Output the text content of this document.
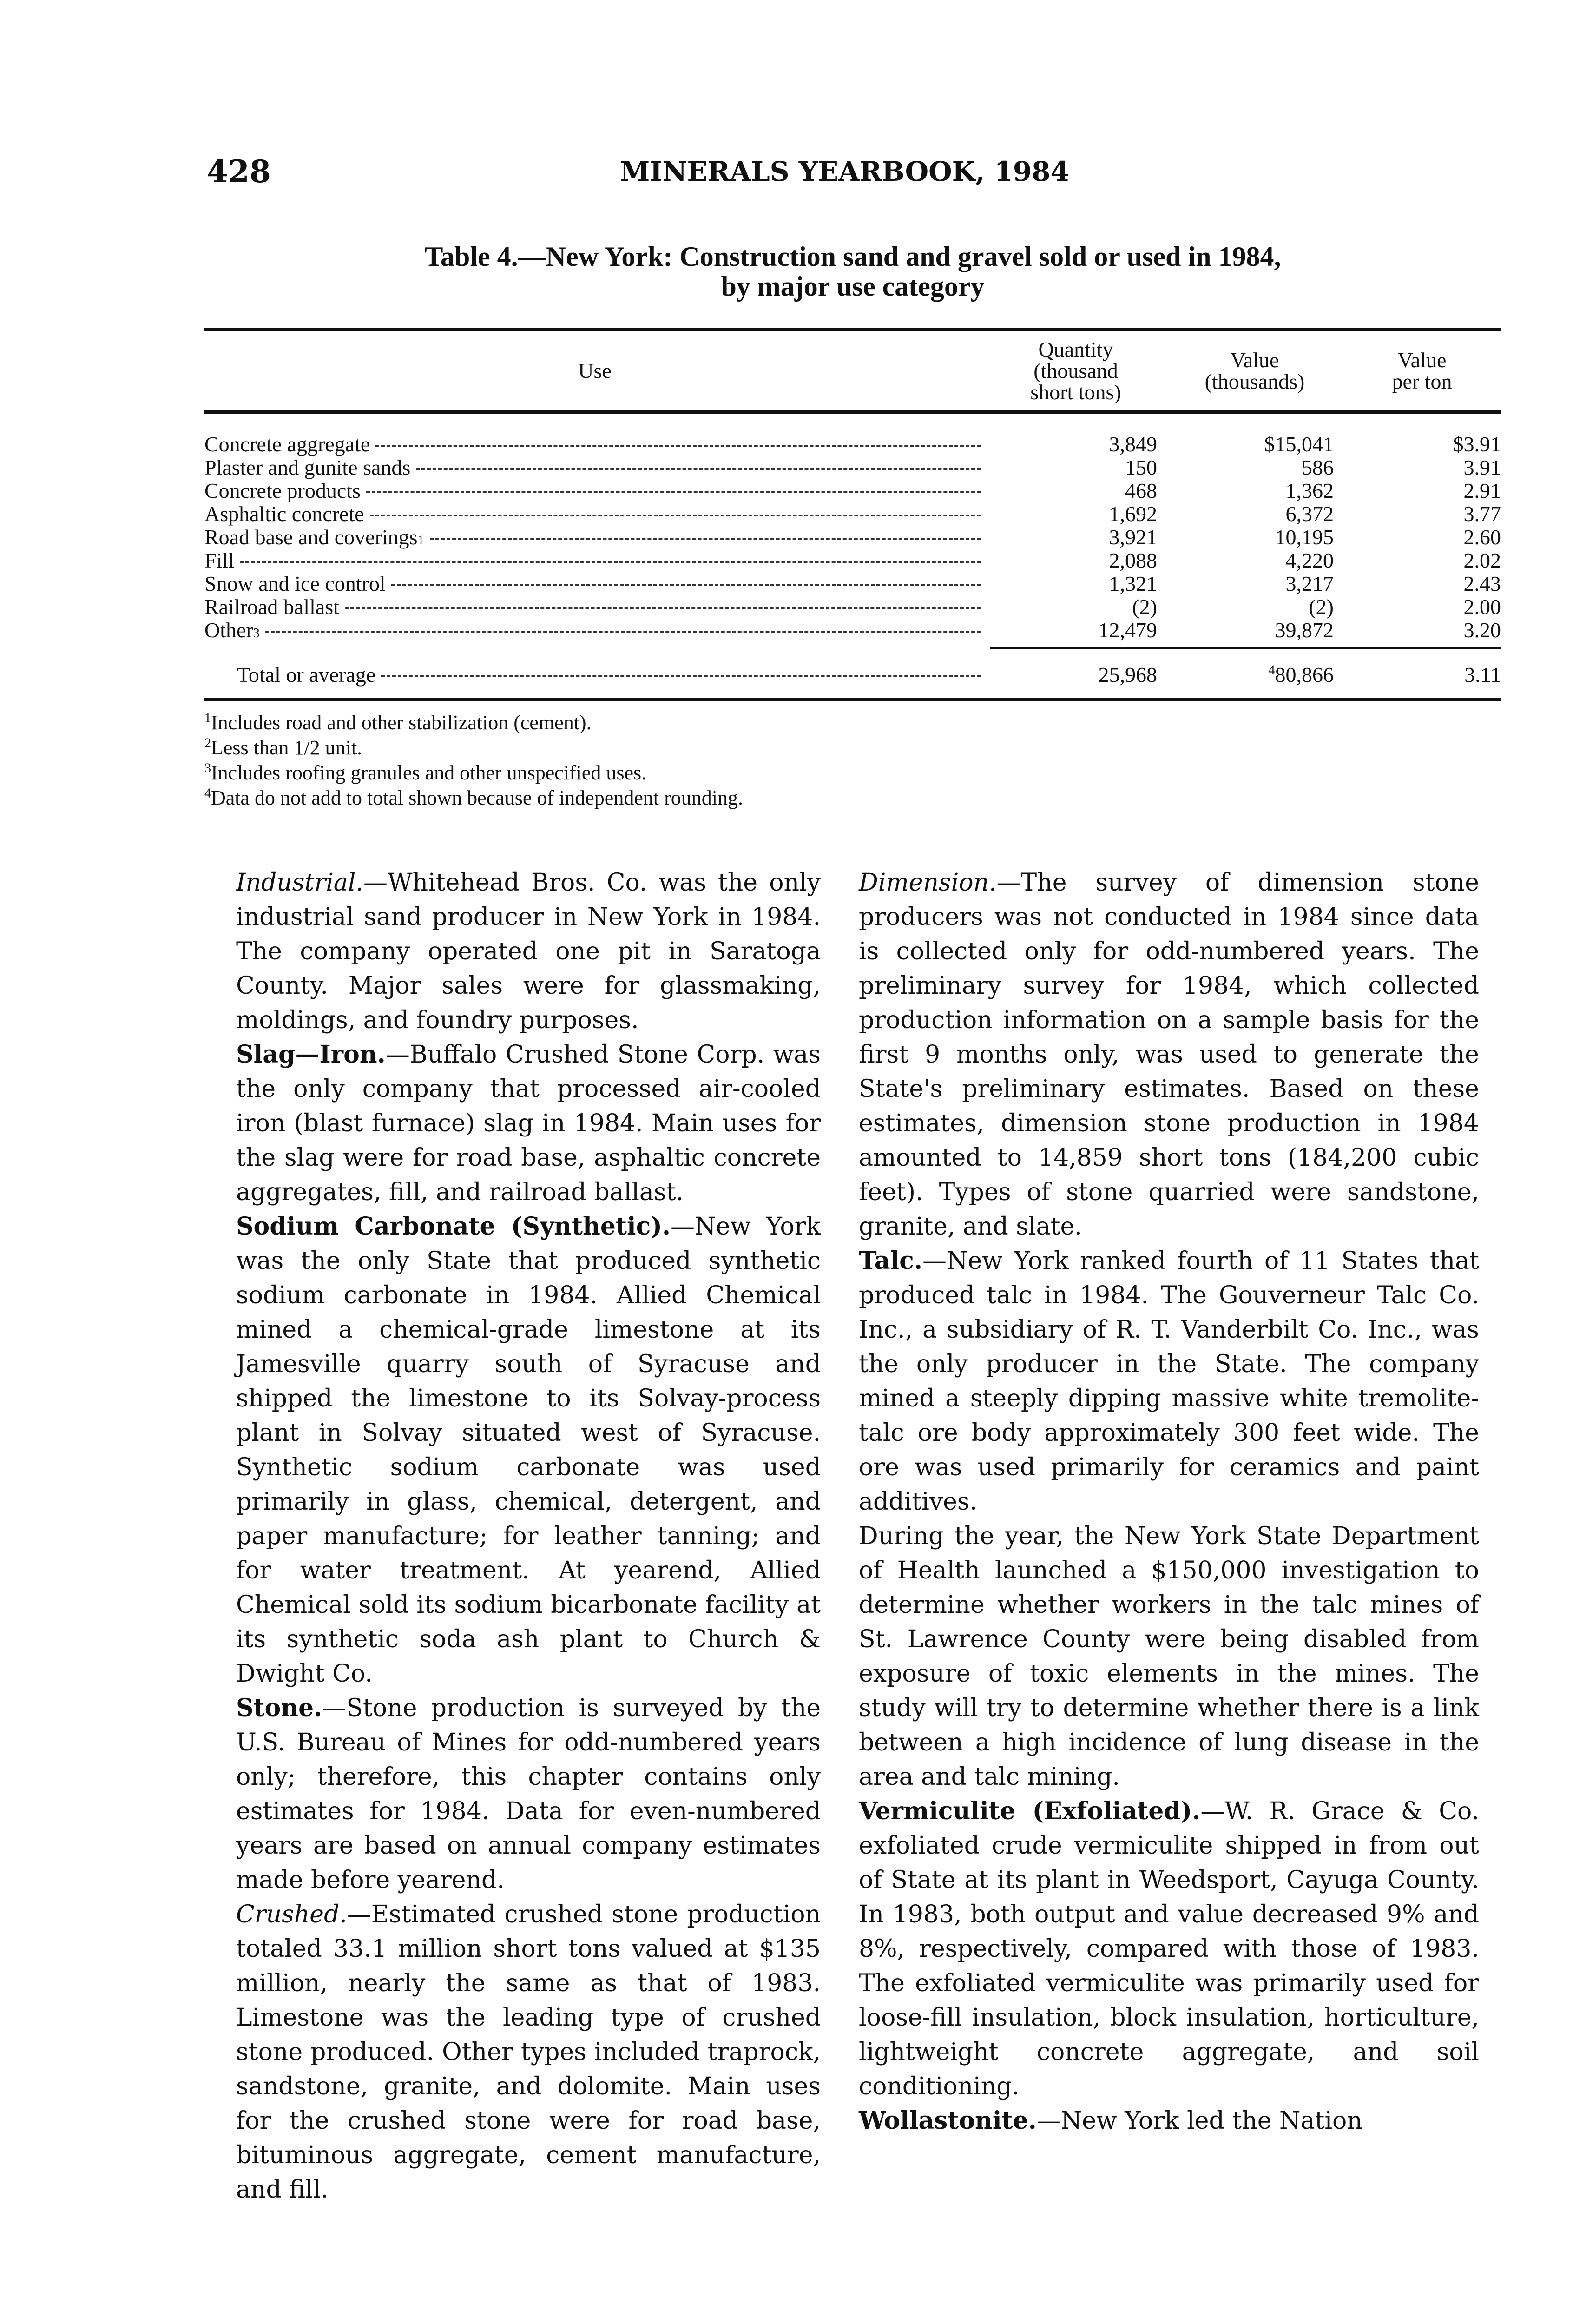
428	MINERALS YEARBOOK, 1984
Table 4.—New York: Construction sand and gravel sold or used in 1984,
by major use category
Use
Quantity
(thousand
short tons)
Value
(thousands)
Value
per ton
Concrete aggregate	3,849	$15,041	$3.91
Plaster and gunite sands	150	586	3.91
Concrete products	468	1,362	2.91
Asphaltic concrete	1,692	6,372	3.77
Road base and coverings 1	3,921	10,195	2.60
Fill	2,088	4,220	2.02
Snow and ice control	1,321	3,217	2.43
Railroad ballast	(2)	(2)	2.00
Other 3	12,479	39,872	3.20
Total or average	25,968	$^4$80,866	3.11
$^1$Includes road and other stabilization (cement).
$^2$Less than 1/2 unit.
$^3$Includes roofing granules and other unspecified uses.
$^4$Data do not add to total shown because of independent rounding.

Industrial.—Whitehead Bros. Co. was the only industrial sand producer in New York in 1984. The company operated one pit in Saratoga County. Major sales were for glassmaking, moldings, and foundry purposes.

Slag—Iron.—Buffalo Crushed Stone Corp. was the only company that processed air-cooled iron (blast furnace) slag in 1984. Main uses for the slag were for road base, asphaltic concrete aggregates, fill, and railroad ballast.

Sodium Carbonate (Synthetic).—New York was the only State that produced synthetic sodium carbonate in 1984. Allied Chemical mined a chemical-grade limestone at its Jamesville quarry south of Syracuse and shipped the limestone to its Solvay-process plant in Solvay situated west of Syracuse. Synthetic sodium carbonate was used primarily in glass, chemical, detergent, and paper manufacture; for leather tanning; and for water treatment. At yearend, Allied Chemical sold its sodium bicarbonate facility at its synthetic soda ash plant to Church & Dwight Co.

Stone.—Stone production is surveyed by the U.S. Bureau of Mines for odd-numbered years only; therefore, this chapter contains only estimates for 1984. Data for even-numbered years are based on annual company estimates made before yearend.

Crushed.—Estimated crushed stone production totaled 33.1 million short tons valued at $135 million, nearly the same as that of 1983. Limestone was the leading type of crushed stone produced. Other types included traprock, sandstone, granite, and dolomite. Main uses for the crushed stone were for road base, bituminous aggregate, cement manufacture, and fill.

Dimension.—The survey of dimension stone producers was not conducted in 1984 since data is collected only for odd-numbered years. The preliminary survey for 1984, which collected production information on a sample basis for the first 9 months only, was used to generate the State's preliminary estimates. Based on these estimates, dimension stone production in 1984 amounted to 14,859 short tons (184,200 cubic feet). Types of stone quarried were sandstone, granite, and slate.

Talc.—New York ranked fourth of 11 States that produced talc in 1984. The Gouverneur Talc Co. Inc., a subsidiary of R. T. Vanderbilt Co. Inc., was the only producer in the State. The company mined a steeply dipping massive white tremolite-talc ore body approximately 300 feet wide. The ore was used primarily for ceramics and paint additives.

During the year, the New York State Department of Health launched a $150,000 investigation to determine whether workers in the talc mines of St. Lawrence County were being disabled from exposure of toxic elements in the mines. The study will try to determine whether there is a link between a high incidence of lung disease in the area and talc mining.

Vermiculite (Exfoliated).—W. R. Grace & Co. exfoliated crude vermiculite shipped in from out of State at its plant in Weedsport, Cayuga County. In 1983, both output and value decreased 9% and 8%, respectively, compared with those of 1983. The exfoliated vermiculite was primarily used for loose-fill insulation, block insulation, horticulture, lightweight concrete aggregate, and soil conditioning.

Wollastonite.—New York led the Nation
